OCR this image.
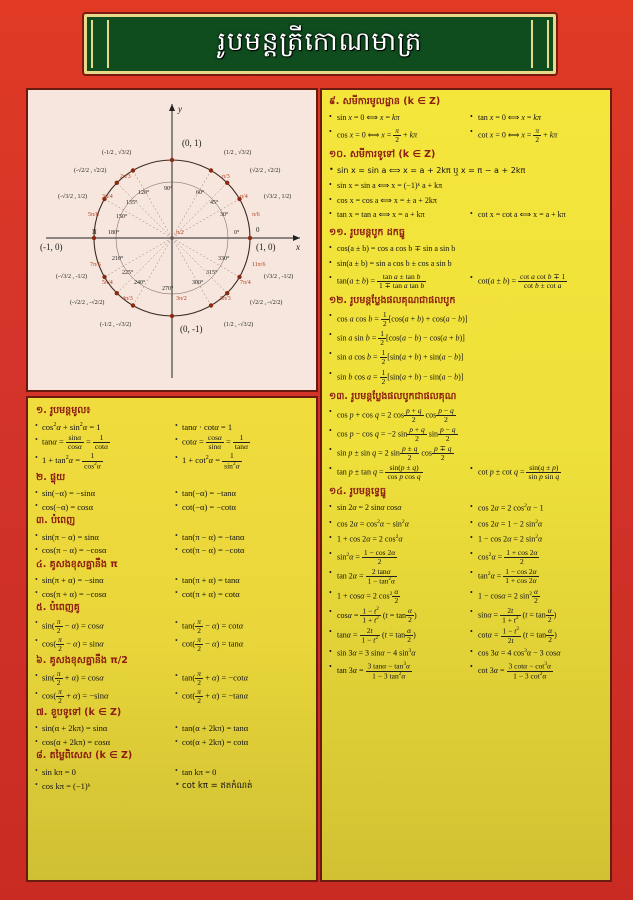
រូបមន្តត្រីកោណមាត្រ
x
y
(0, 1)
(1, 0)
(-1, 0)
(0, -1)
0
π	0°
30°
45°
60°
90°
120°
135°
150°
180°
210°
225°
240°
270°
300°
315°
330°
π/6
π/4
π/3
π/2
2π/3
3π/4
5π/6
7π/6
5π/4
4π/3	3π/2	5π/3
7π/4
11π/6
(√3/2 , 1/2)
(√2/2 , √2/2)
(1/2 , √3/2)
(-1/2 , √3/2)
(-√2/2 , √2/2)
(-√3/2 , 1/2)
(-√3/2 , -1/2)
(-√2/2 , -√2/2)
(-1/2 , -√3/2)	(1/2 , -√3/2)
(√2/2 , -√2/2)
(√3/2 , -1/2)
១. រូបមន្តមូល៖
• $\cos^2\alpha + \sin^2\alpha = 1$	• tanα · cotα = 1
• $\tan\alpha = \frac{\sin\alpha}{\cos\alpha} = \frac{1}{\cot\alpha}$	• $\cot\alpha = \frac{\cos\alpha}{\sin\alpha} = \frac{1}{\tan\alpha}$
• $1 + \tan^2\alpha = \frac{1}{\cos^2\alpha}$	• $1 + \cot^2\alpha = \frac{1}{\sin^2\alpha}$
២. ផ្ទុយ
• sin(−α) = −sinα	• tan(−α) = −tanα
• cos(−α) = cosα	• cot(−α) = −cotα
៣. បំពេញ
• sin(π − α) = sinα	• tan(π − α) = −tanα
• cos(π − α) = −cosα	• cot(π − α) = −cotα
៤. គូសងខុសគ្នានឹង π
• sin(π + α) = −sinα	• tan(π + α) = tanα
• cos(π + α) = −cosα	• cot(π + α) = cotα
៥. បំពេញគូ
• $\sin( \frac{\pi}{2} - \alpha) = \cos\alpha$	• $\tan( \frac{\pi}{2} - \alpha) = \cot\alpha$
• $\cos( \frac{\pi}{2} - \alpha) = \sin\alpha$	• $\cot( \frac{\pi}{2} - \alpha) = \tan\alpha$
៦. គូសងខុសគ្នានឹង π/2
• $\sin( \frac{\pi}{2} + \alpha) = \cos\alpha$	• $\tan( \frac{\pi}{2} + \alpha) = -\cot\alpha$
• $\cos( \frac{\pi}{2} + \alpha) = -\sin\alpha$	• $\cot( \frac{\pi}{2} + \alpha) = -\tan\alpha$
៧. ខួបទូទៅ (k ∈ Z)
• sin(α + 2kπ) = sinα	• tan(α + 2kπ) = tanα
• cos(α + 2kπ) = cosα	• cot(α + 2kπ) = cotα
៨. តម្លៃពិសេស (k ∈ Z)
• sin kπ = 0	• tan kπ = 0
• cos kπ = (−1)ᵏ	• cot kπ = ឥតកំណត់
៩. សមីការមូលដ្ឋាន (k ∈ Z)
• sin x = 0 ⟺ x = kπ	• tan x = 0 ⟺ x = kπ
• cos x = 0 ⟺ $x = \frac{\pi}{2} + k\pi$	• cot x = 0 ⟺ $x = \frac{\pi}{2} + k\pi$
១០. សមីការទូទៅ (k ∈ Z)
• sin x = sin a ⟺ x = a + 2kπ ឬ x = π − a + 2kπ
• sin x = sin a ⟺ x = (−1)ᵏ a + kπ
• cos x = cos a ⟺ x = ± a + 2kπ
• tan x = tan a ⟺ x = a + kπ	• cot x = cot a ⟺ x = a + kπ
១១. រូបមន្តបូក ដកធ្នូ
• cos(a ± b) = cos a cos b ∓ sin a sin b
• sin(a ± b) = sin a cos b ± cos a sin b
• $\tan(a \pm b) = \frac{\text{tan a ± tan b}}{\text{1 ∓ tan a tan b}}$	• $\cot(a \pm b) = \frac{\text{cot a cot b ∓ 1}}{\text{cot b ± cot a}}$
១២. រូបមន្តប្លែងផលគុណជាផលបូក
• cos a $\cos b = \frac{1}{2} [\cos(a + b) + \cos(a - b)]$
• sin a $\sin b = \frac{1}{2} [\cos(a - b) - \cos(a + b)]$
• sin a $\cos b = \frac{1}{2} [\sin(a + b) + \sin(a - b)]$
• sin b $\cos a = \frac{1}{2} [\sin(a + b) - \sin(a - b)]$
១៣. រូបមន្តប្លែងផលបូកជាផលគុណ
• cos p + cos q = 2 $\cos \frac{p + q}{2}$ $\cos \frac{p - q}{2}$
• cos p − cos q = −2 $\sin \frac{p + q}{2}$ $\sin \frac{p - q}{2}$
• sin p ± sin q = 2 $\sin \frac{p \pm q}{2}$ $\cos \frac{p \mp q}{2}$
• $\tan p \pm \tan q = \frac{\sin(p \pm q)}{\text{cos p cos q}}$	• $\cot p \pm \cot q = \frac{\sin(q \pm p)}{\text{sin p sin q}}$
១៤. រូបមន្តទ្វេធ្នូ
• sin 2α = 2 sinα cosα	• cos 2α = 2 $\cos^2\alpha - 1$
• $\cos 2\alpha = \cos^2\alpha - \sin^2\alpha$	• cos 2α = 1 − 2 $\sin^2\alpha$
• 1 + cos 2α = 2 $\cos^2\alpha$	• 1 − cos 2α = 2 $\sin^2\alpha$
• $\sin^2\alpha = \frac{1 - \cos 2\alpha}{2}$	• $\cos^2\alpha = \frac{1 + \cos 2\alpha}{2}$
• $\tan 2\alpha = \frac{2 \tan\alpha}{1 - \tan^2\alpha}$	• $\tan^2\alpha = \frac{1 - \cos 2\alpha}{1 + \cos 2\alpha}$
• 1 + cosα = 2 $\cos^2 \frac{\alpha}{2}$	• 1 − cosα = 2 $\sin^2 \frac{\alpha}{2}$
• $\cos\alpha = \frac{1 - t^2}{1 + t^2} (t = \tan \frac{\alpha}{2}$ )	• $\sin\alpha = \frac{2t}{1 + t^2} (t = \tan \frac{\alpha}{2}$ )
• $\tan\alpha = \frac{2t}{1 - t^2} (t = \tan \frac{\alpha}{2}$ )	• $\cot\alpha = \frac{1 - t^2}{2t} (t = \tan \frac{\alpha}{2}$ )
• sin 3α = 3 sinα − 4 $\sin^3\alpha$	• cos 3α = 4 $\cos^3\alpha - 3$ cosα
• $\tan 3\alpha = \frac{3 \tan\alpha - \tan^3\alpha}{1 - 3 \tan^2\alpha}$	• $\cot 3\alpha = \frac{3 \cot\alpha - \cot^3\alpha}{1 - 3 \cot^2\alpha}$
